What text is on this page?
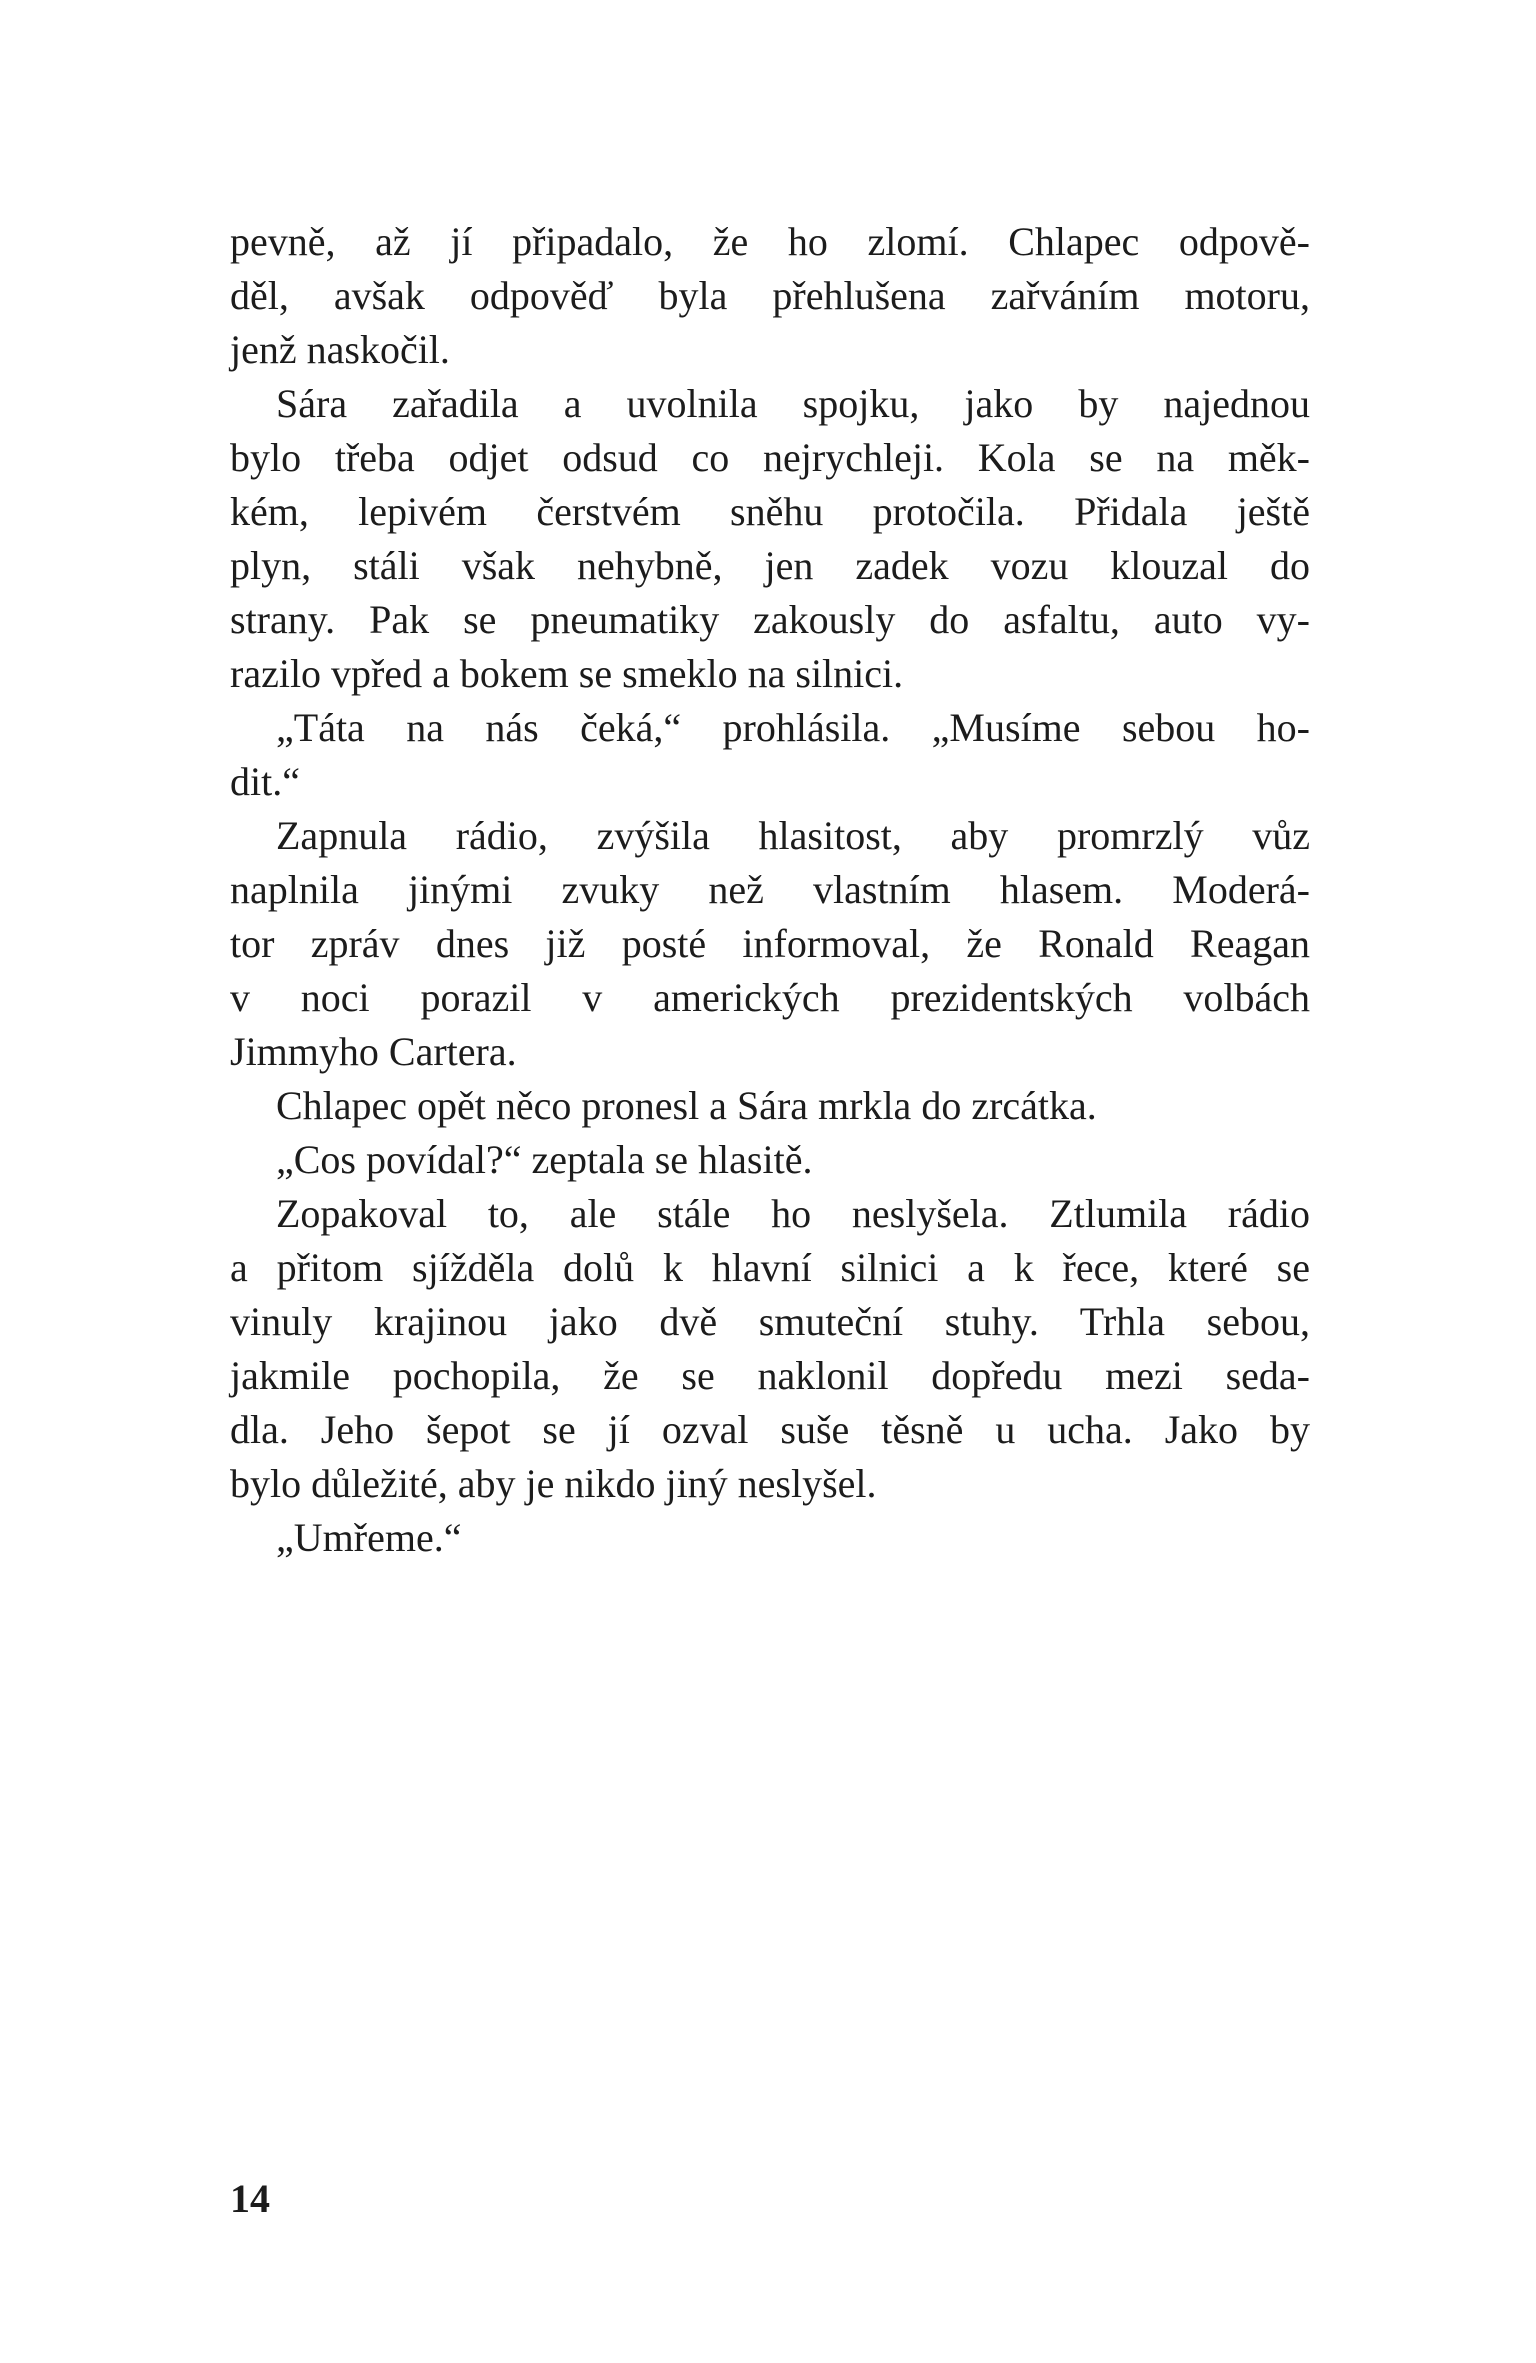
pevně, až jí připadalo, že ho zlomí. Chlapec odpově-
děl, avšak odpověď byla přehlušena zařváním motoru,
jenž naskočil.
Sára zařadila a uvolnila spojku, jako by najednou
bylo třeba odjet odsud co nejrychleji. Kola se na měk-
kém, lepivém čerstvém sněhu protočila. Přidala ještě
plyn, stáli však nehybně, jen zadek vozu klouzal do
strany. Pak se pneumatiky zakously do asfaltu, auto vy-
razilo vpřed a bokem se smeklo na silnici.
„Táta na nás čeká,“ prohlásila. „Musíme sebou ho-
dit.“
Zapnula rádio, zvýšila hlasitost, aby promrzlý vůz
naplnila jinými zvuky než vlastním hlasem. Moderá-
tor zpráv dnes již posté informoval, že Ronald Reagan
v noci porazil v amerických prezidentských volbách
Jimmyho Cartera.
Chlapec opět něco pronesl a Sára mrkla do zrcátka.
„Cos povídal?“ zeptala se hlasitě.
Zopakoval to, ale stále ho neslyšela. Ztlumila rádio
a přitom sjížděla dolů k hlavní silnici a k řece, které se
vinuly krajinou jako dvě smuteční stuhy. Trhla sebou,
jakmile pochopila, že se naklonil dopředu mezi seda-
dla. Jeho šepot se jí ozval suše těsně u ucha. Jako by
bylo důležité, aby je nikdo jiný neslyšel.
„Umřeme.“
14
